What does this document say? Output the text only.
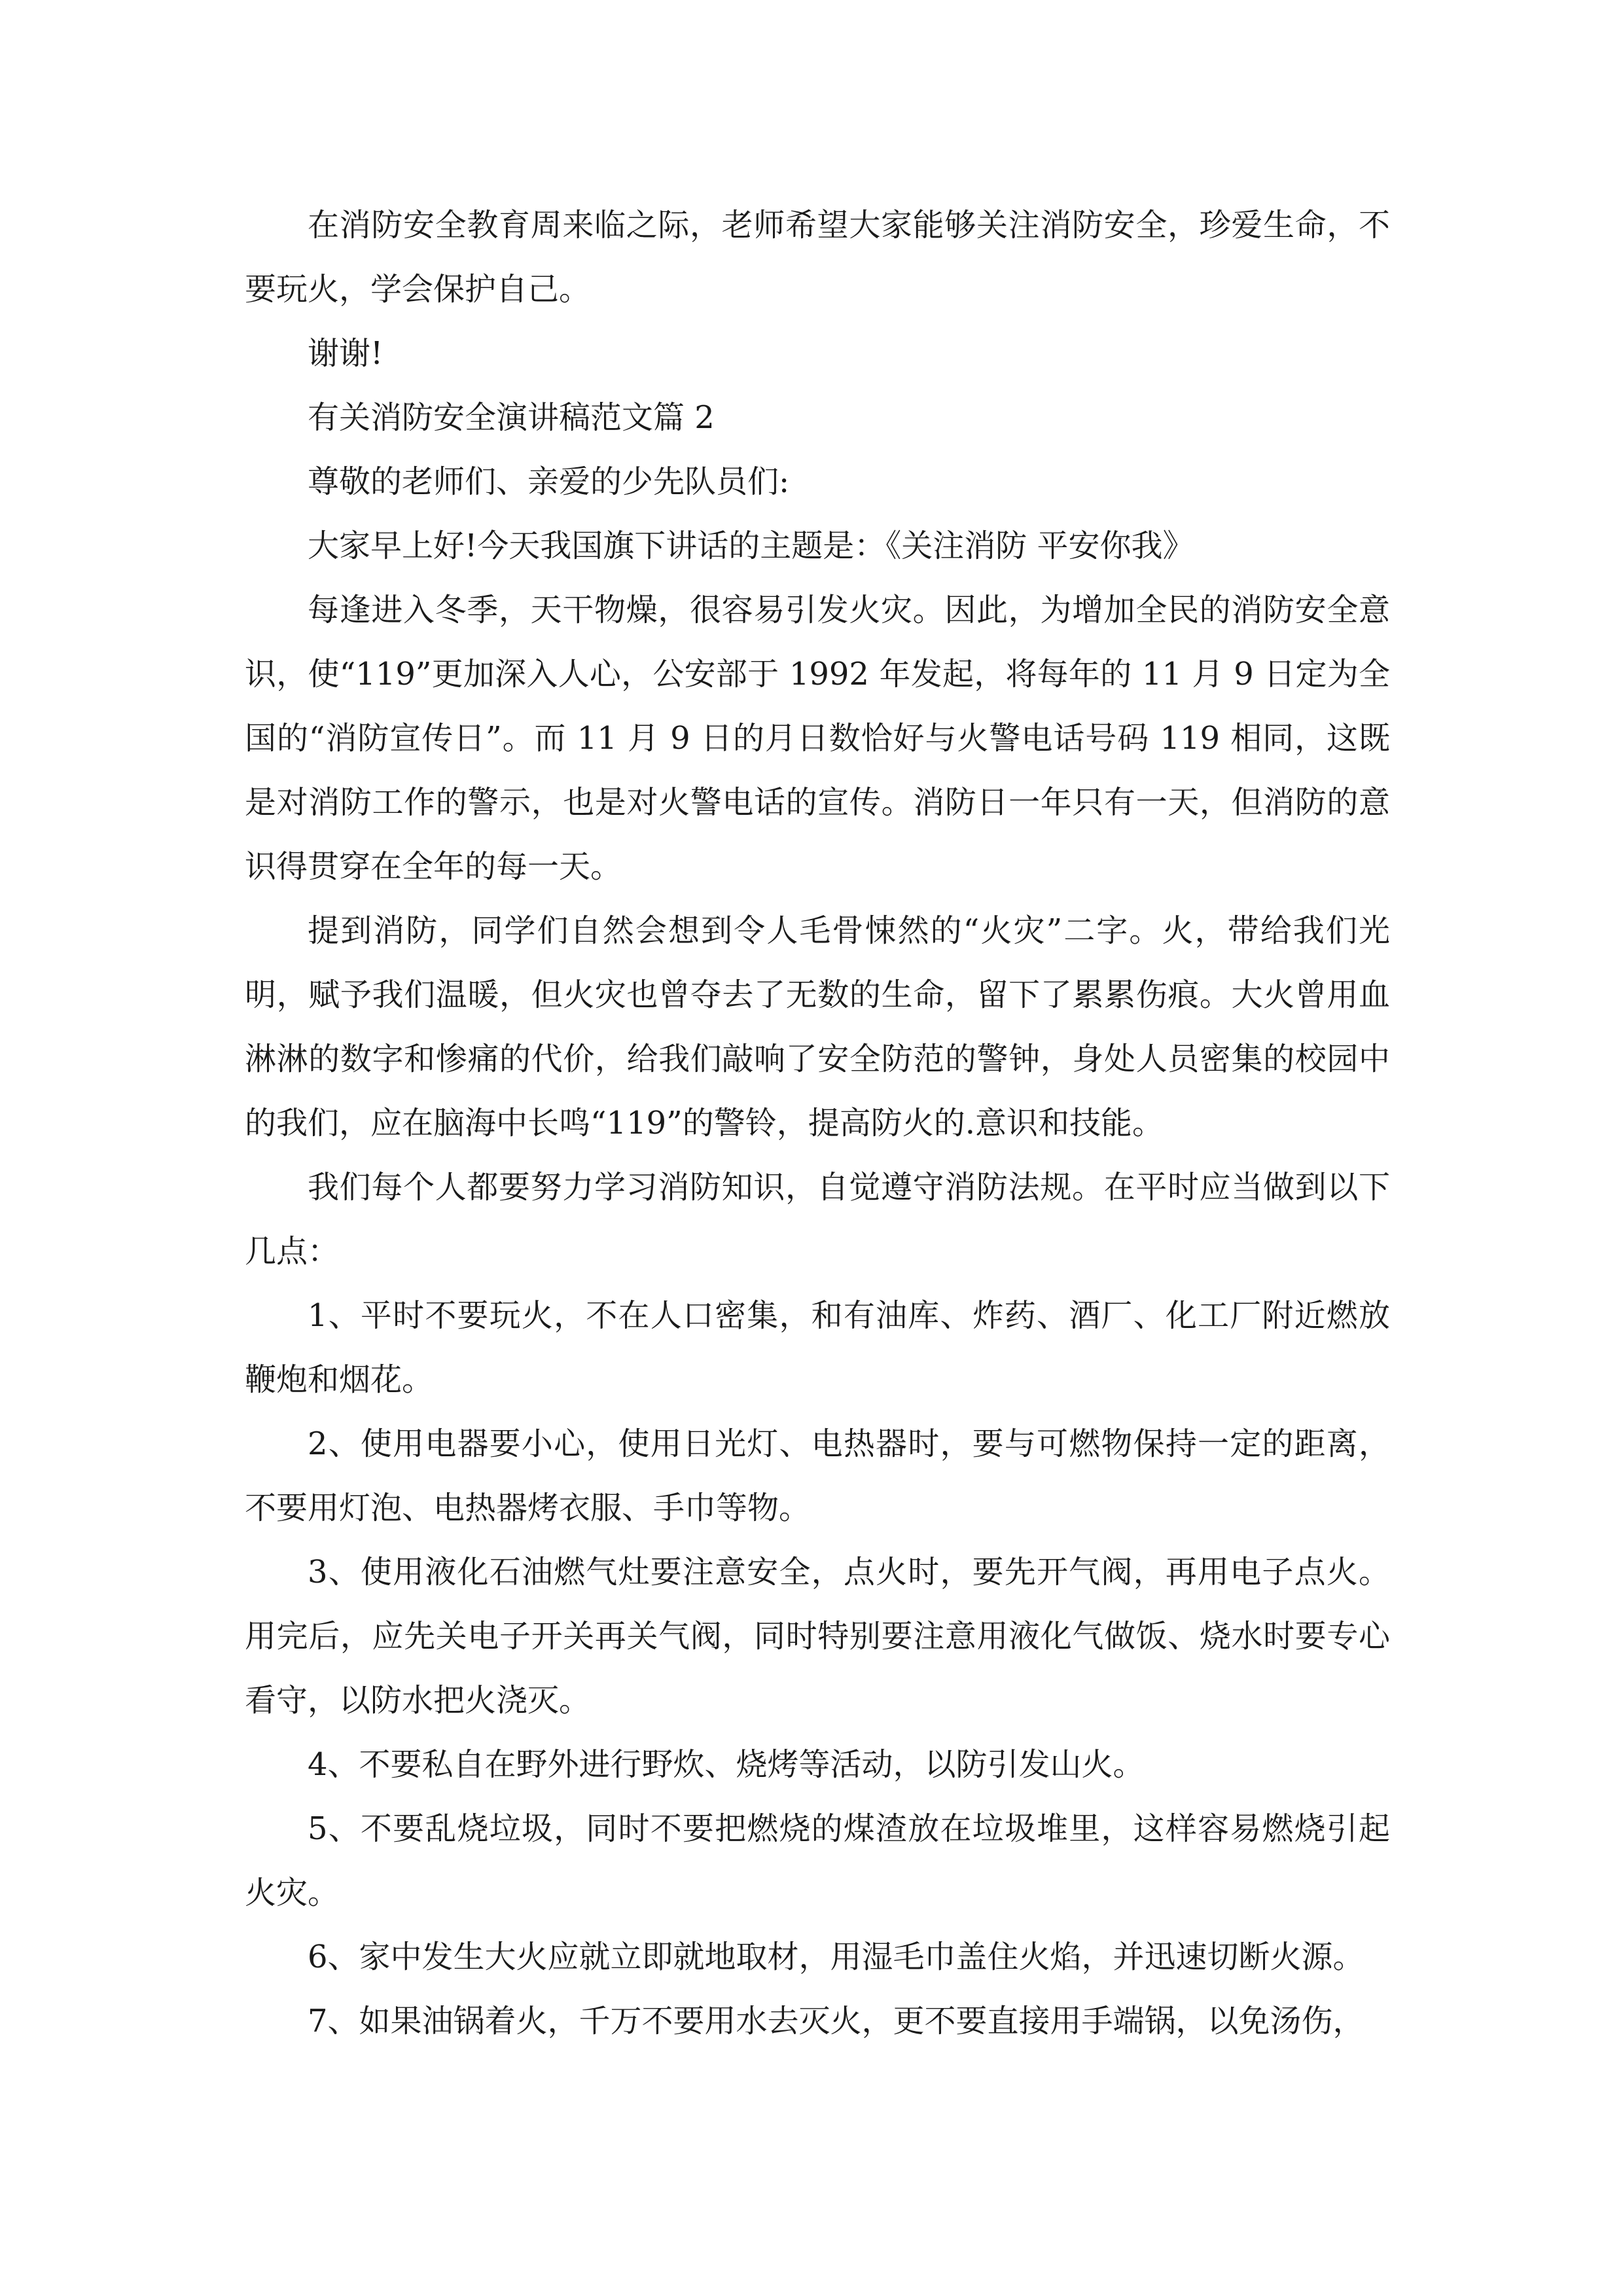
在消防安全教育周来临之际，老师希望大家能够关注消防安全，珍爱生命，不要玩火，学会保护自己。

谢谢!

有关消防安全演讲稿范文篇 2

尊敬的老师们、亲爱的少先队员们:

大家早上好!今天我国旗下讲话的主题是：《关注消防 平安你我》

每逢进入冬季，天干物燥，很容易引发火灾。因此，为增加全民的消防安全意识，使“119”更加深入人心，公安部于 1992 年发起，将每年的 11 月 9 日定为全国的“消防宣传日”。而 11 月 9 日的月日数恰好与火警电话号码 119 相同，这既是对消防工作的警示，也是对火警电话的宣传。消防日一年只有一天，但消防的意识得贯穿在全年的每一天。

提到消防，同学们自然会想到令人毛骨悚然的“火灾”二字。火，带给我们光明，赋予我们温暖，但火灾也曾夺去了无数的生命，留下了累累伤痕。大火曾用血淋淋的数字和惨痛的代价，给我们敲响了安全防范的警钟，身处人员密集的校园中的我们，应在脑海中长鸣“119”的警铃，提高防火的.意识和技能。

我们每个人都要努力学习消防知识，自觉遵守消防法规。在平时应当做到以下几点：

1、平时不要玩火，不在人口密集，和有油库、炸药、酒厂、化工厂附近燃放鞭炮和烟花。

2、使用电器要小心，使用日光灯、电热器时，要与可燃物保持一定的距离，不要用灯泡、电热器烤衣服、手巾等物。

3、使用液化石油燃气灶要注意安全，点火时，要先开气阀，再用电子点火。用完后，应先关电子开关再关气阀，同时特别要注意用液化气做饭、烧水时要专心看守，以防水把火浇灭。

4、不要私自在野外进行野炊、烧烤等活动，以防引发山火。

5、不要乱烧垃圾，同时不要把燃烧的煤渣放在垃圾堆里，这样容易燃烧引起火灾。

6、家中发生大火应就立即就地取材，用湿毛巾盖住火焰，并迅速切断火源。

7、如果油锅着火，千万不要用水去灭火，更不要直接用手端锅，以免汤伤，
